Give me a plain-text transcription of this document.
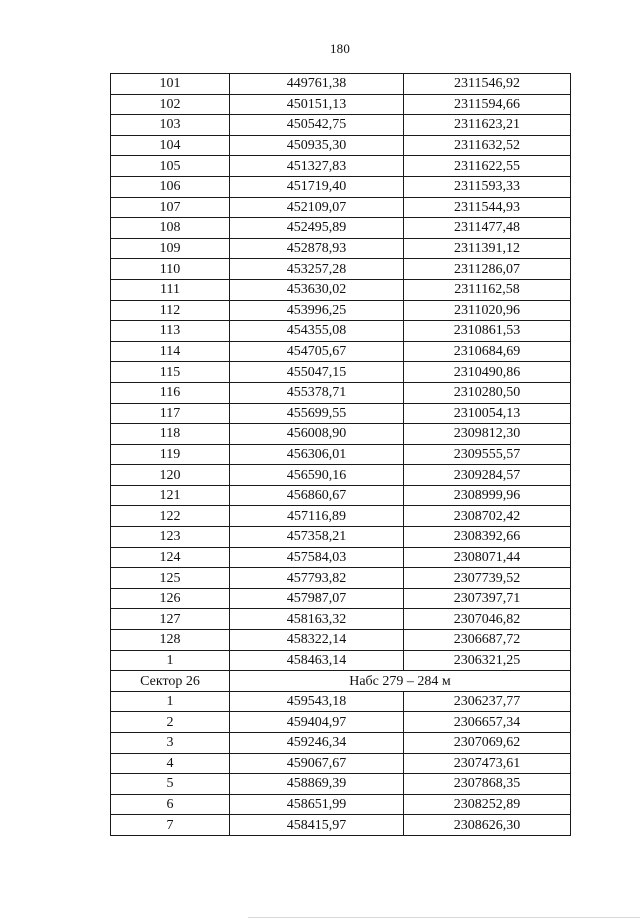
180
101	449761,38	2311546,92
102	450151,13	2311594,66
103	450542,75	2311623,21
104	450935,30	2311632,52
105	451327,83	2311622,55
106	451719,40	2311593,33
107	452109,07	2311544,93
108	452495,89	2311477,48
109	452878,93	2311391,12
110	453257,28	2311286,07
111	453630,02	2311162,58
112	453996,25	2311020,96
113	454355,08	2310861,53
114	454705,67	2310684,69
115	455047,15	2310490,86
116	455378,71	2310280,50
117	455699,55	2310054,13
118	456008,90	2309812,30
119	456306,01	2309555,57
120	456590,16	2309284,57
121	456860,67	2308999,96
122	457116,89	2308702,42
123	457358,21	2308392,66
124	457584,03	2308071,44
125	457793,82	2307739,52
126	457987,07	2307397,71
127	458163,32	2307046,82
128	458322,14	2306687,72
1	458463,14	2306321,25
Сектор 26	Набс 279 – 284 м	
1	459543,18	2306237,77
2	459404,97	2306657,34
3	459246,34	2307069,62
4	459067,67	2307473,61
5	458869,39	2307868,35
6	458651,99	2308252,89
7	458415,97	2308626,30
